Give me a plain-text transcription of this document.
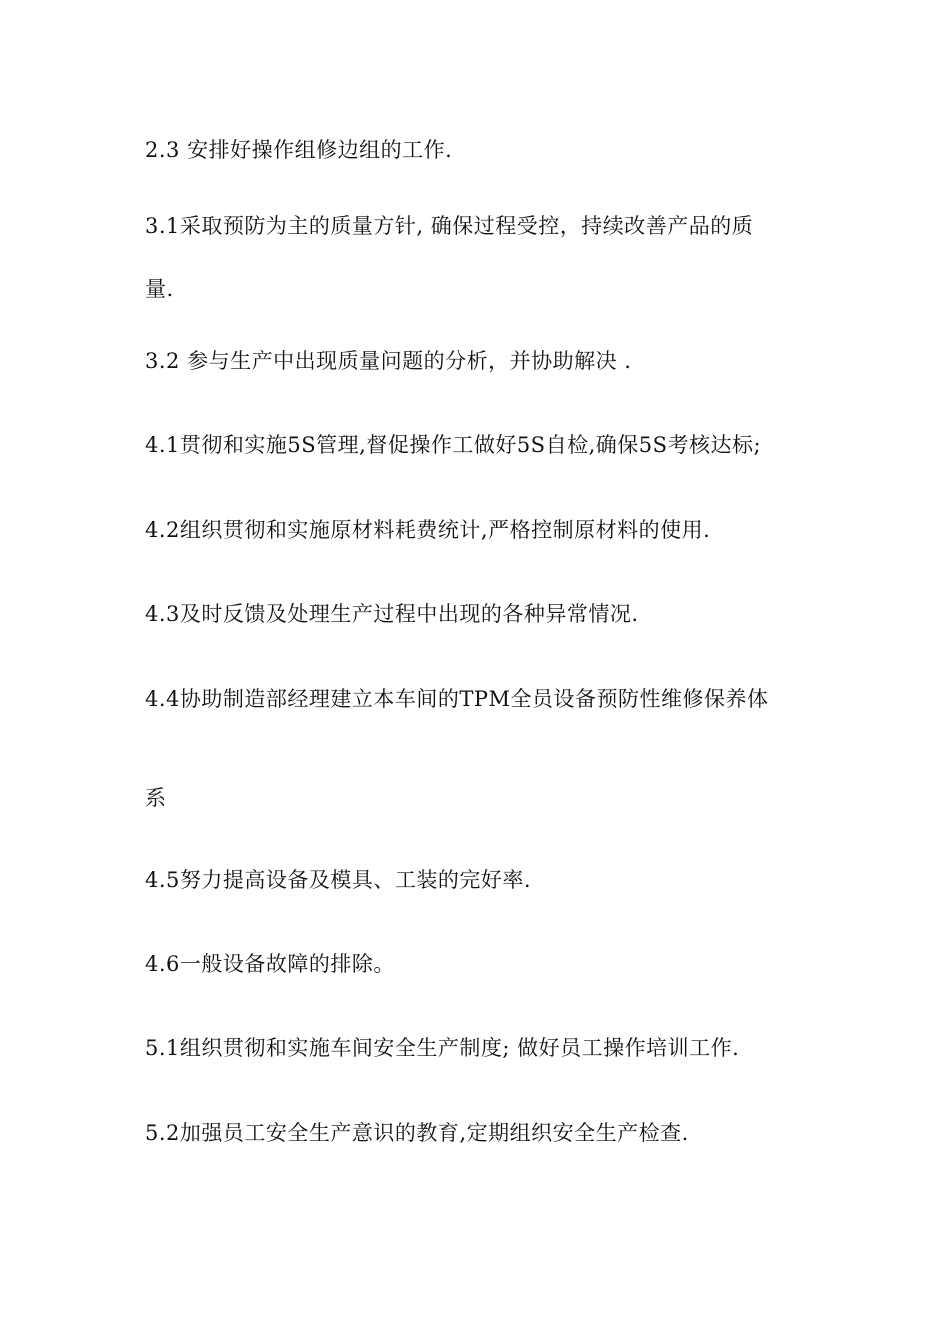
2.3 安排好操作组修边组的工作.

3.1采取预防为主的质量方针, 确保过程受控，持续改善产品的质

量.

3.2 参与生产中出现质量问题的分析，并协助解决 .

4.1贯彻和实施5S管理,督促操作工做好5S自检,确保5S考核达标;

4.2组织贯彻和实施原材料耗费统计,严格控制原材料的使用.

4.3及时反馈及处理生产过程中出现的各种异常情况.

4.4协助制造部经理建立本车间的TPM全员设备预防性维修保养体

系

4.5努力提高设备及模具、工装的完好率.

4.6一般设备故障的排除。

5.1组织贯彻和实施车间安全生产制度; 做好员工操作培训工作.

5.2加强员工安全生产意识的教育,定期组织安全生产检查.
